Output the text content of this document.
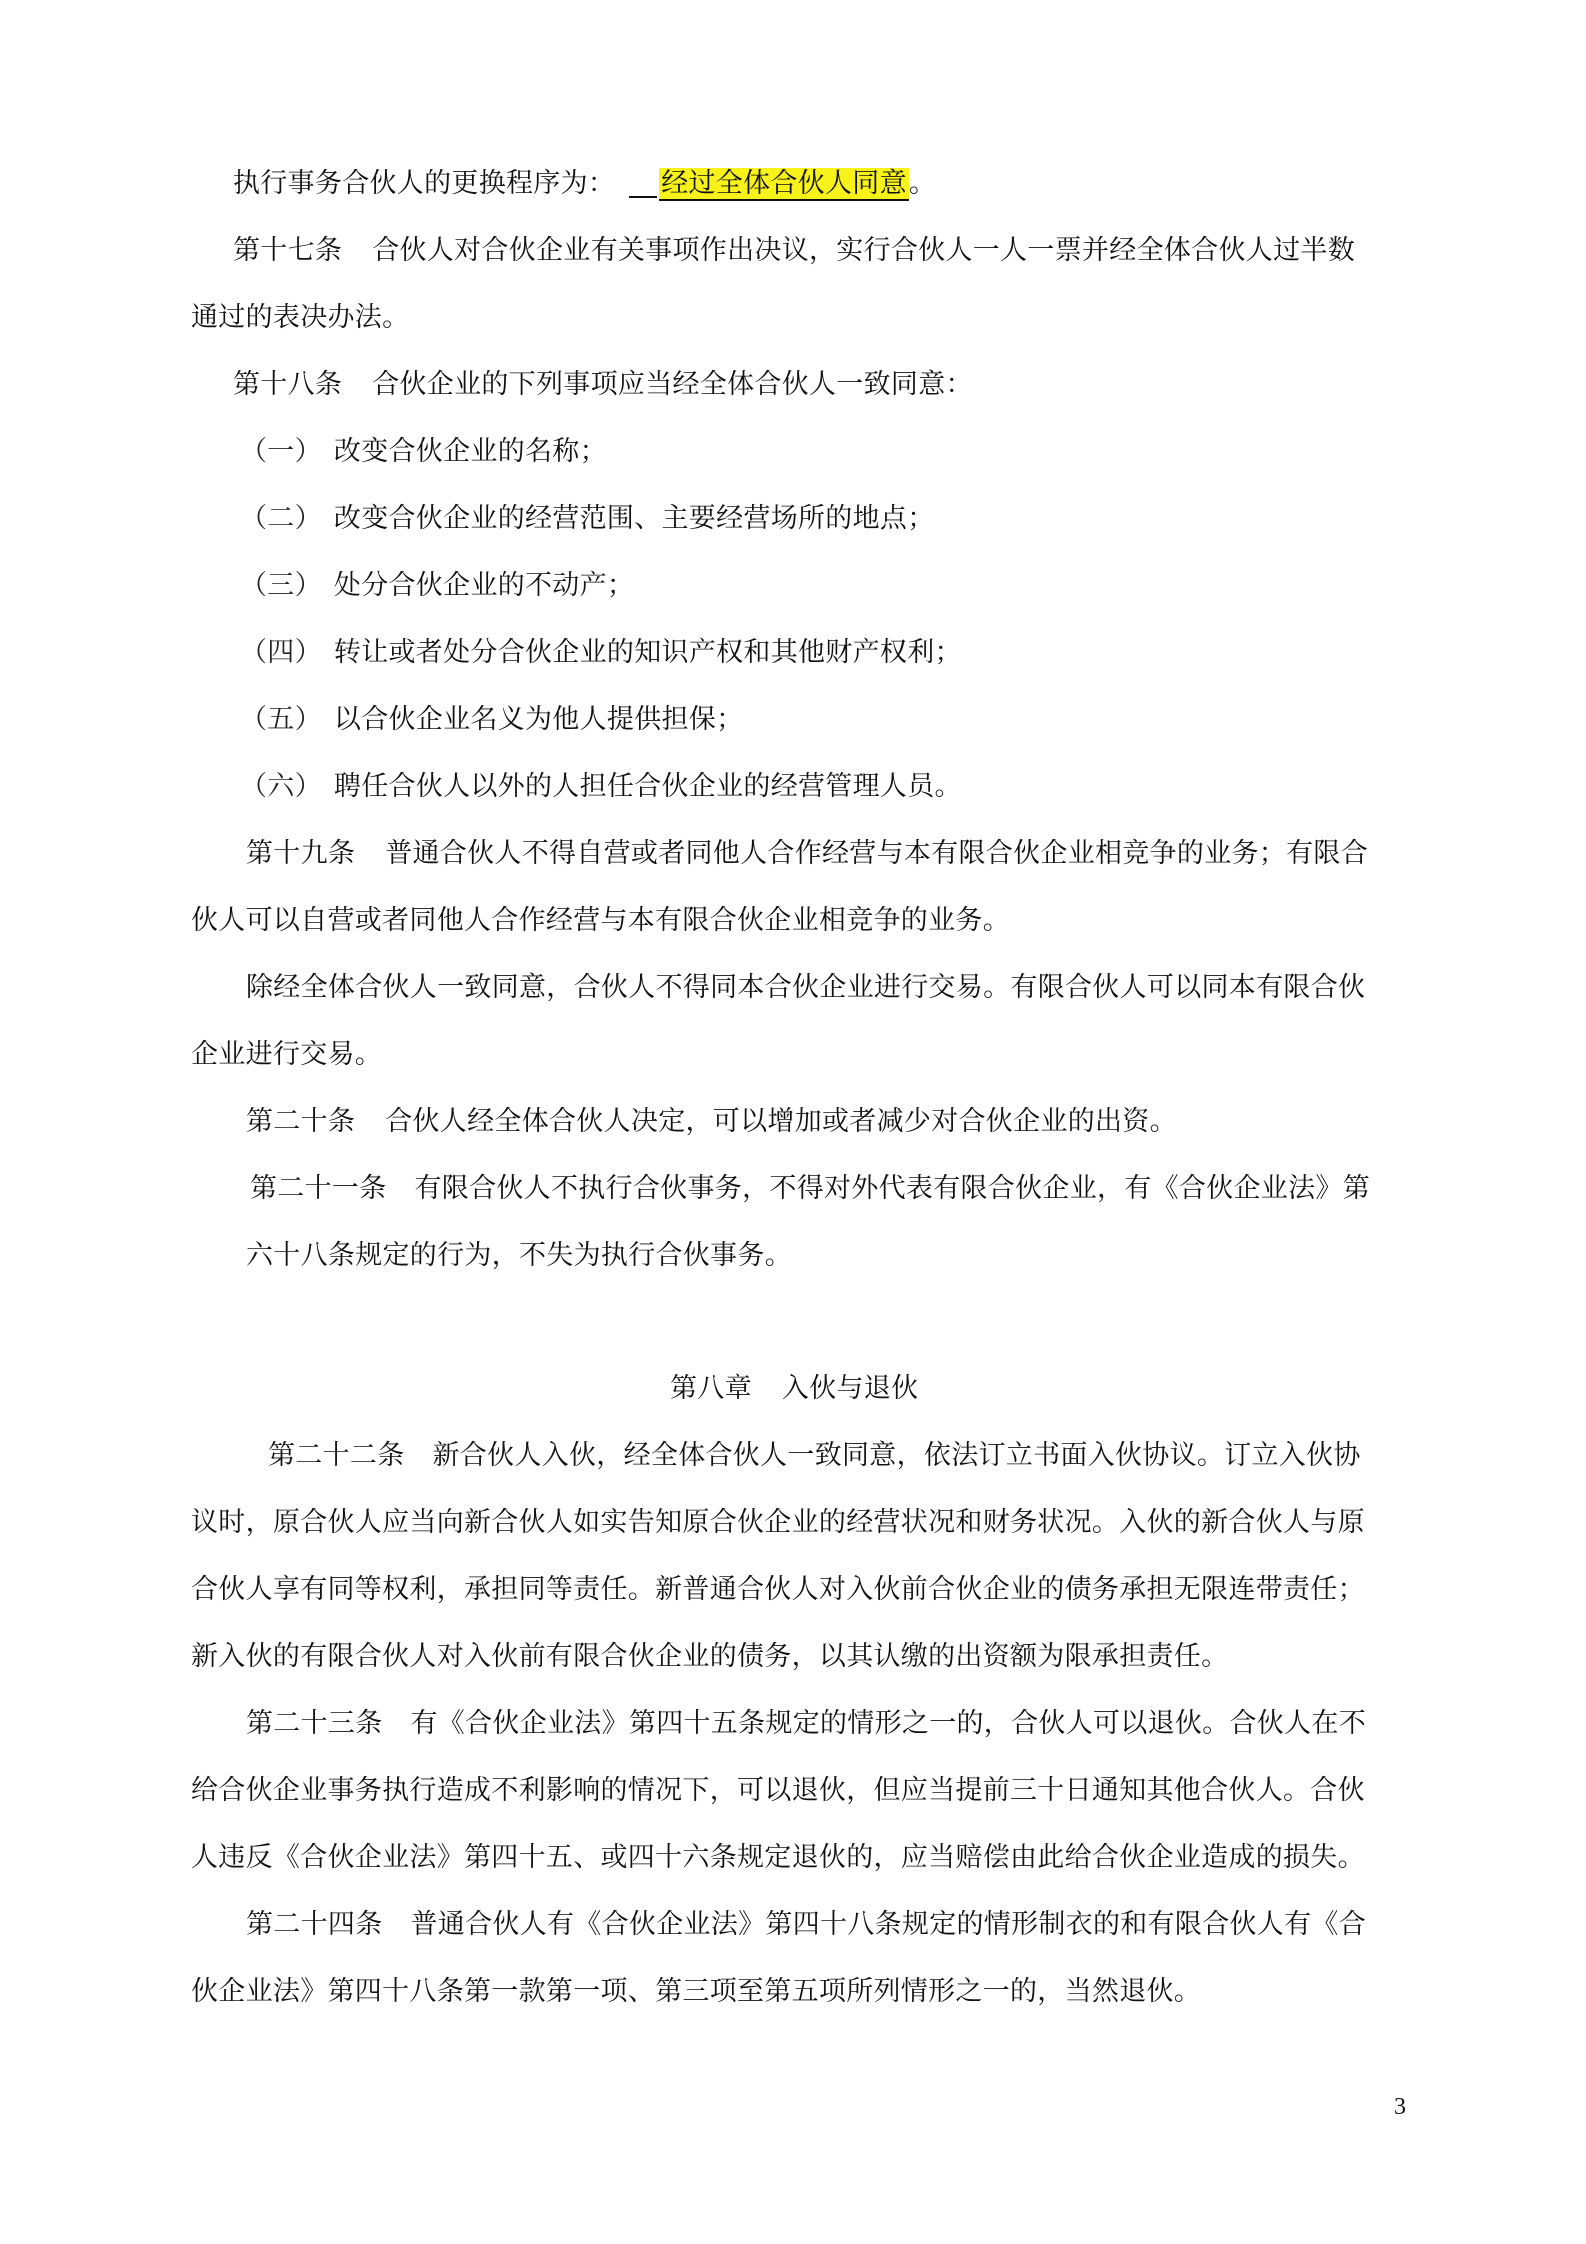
执行事务合伙人的更换程序为： 经过全体合伙人同意。
第十七条 合伙人对合伙企业有关事项作出决议，实行合伙人一人一票并经全体合伙人过半数
通过的表决办法。
第十八条 合伙企业的下列事项应当经全体合伙人一致同意：
（一） 改变合伙企业的名称；
（二） 改变合伙企业的经营范围、主要经营场所的地点；
（三） 处分合伙企业的不动产；
（四） 转让或者处分合伙企业的知识产权和其他财产权利；
（五） 以合伙企业名义为他人提供担保；
（六） 聘任合伙人以外的人担任合伙企业的经营管理人员。
第十九条 普通合伙人不得自营或者同他人合作经营与本有限合伙企业相竞争的业务；有限合
伙人可以自营或者同他人合作经营与本有限合伙企业相竞争的业务。
除经全体合伙人一致同意，合伙人不得同本合伙企业进行交易。有限合伙人可以同本有限合伙
企业进行交易。
第二十条 合伙人经全体合伙人决定，可以增加或者减少对合伙企业的出资。
第二十一条 有限合伙人不执行合伙事务，不得对外代表有限合伙企业，有《合伙企业法》第
六十八条规定的行为，不失为执行合伙事务。
第八章 入伙与退伙
第二十二条 新合伙人入伙，经全体合伙人一致同意，依法订立书面入伙协议。订立入伙协
议时，原合伙人应当向新合伙人如实告知原合伙企业的经营状况和财务状况。入伙的新合伙人与原
合伙人享有同等权利，承担同等责任。新普通合伙人对入伙前合伙企业的债务承担无限连带责任；
新入伙的有限合伙人对入伙前有限合伙企业的债务，以其认缴的出资额为限承担责任。
第二十三条 有《合伙企业法》第四十五条规定的情形之一的，合伙人可以退伙。合伙人在不
给合伙企业事务执行造成不利影响的情况下，可以退伙，但应当提前三十日通知其他合伙人。合伙
人违反《合伙企业法》第四十五、或四十六条规定退伙的，应当赔偿由此给合伙企业造成的损失。
第二十四条 普通合伙人有《合伙企业法》第四十八条规定的情形制衣的和有限合伙人有《合
伙企业法》第四十八条第一款第一项、第三项至第五项所列情形之一的，当然退伙。
3
